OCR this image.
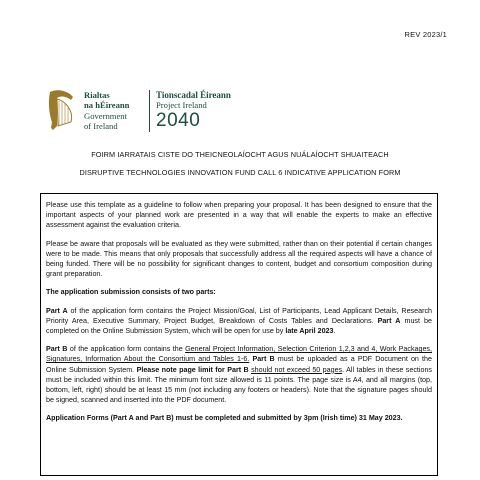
REV 2023/1
Rialtas
na hÉireann
Government
of Ireland
Tionscadal Éireann
Project Ireland
2040
FOIRM IARRATAIS CISTE DO THEICNEOLAÍOCHT AGUS NUÁLAÍOCHT SHUAITEACH
DISRUPTIVE TECHNOLOGIES INNOVATION FUND CALL 6 INDICATIVE APPLICATION FORM

Please use this template as a guideline to follow when preparing your proposal. It has been designed to ensure that the important aspects of your planned work are presented in a way that will enable the experts to make an effective assessment against the evaluation criteria.

Please be aware that proposals will be evaluated as they were submitted, rather than on their potential if certain changes were to be made. This means that only proposals that successfully address all the required aspects will have a chance of being funded. There will be no possibility for significant changes to content, budget and consortium composition during grant preparation.

The application submission consists of two parts:

Part A of the application form contains the Project Mission/Goal, List of Participants, Lead Applicant Details, Research Priority Area, Executive Summary, Project Budget, Breakdown of Costs Tables and Declarations. Part A must be completed on the Online Submission System, which will be open for use by late April 2023.

Part B of the application form contains the General Project Information, Selection Criterion 1,2,3 and 4, Work Packages, Signatures, Information About the Consortium and Tables 1-6. Part B must be uploaded as a PDF Document on the Online Submission System. Please note page limit for Part B should not exceed 50 pages. All tables in these sections must be included within this limit. The minimum font size allowed is 11 points. The page size is A4, and all margins (top, bottom, left, right) should be at least 15 mm (not including any footers or headers). Note that the signature pages should be signed, scanned and inserted into the PDF document.

Application Forms (Part A and Part B) must be completed and submitted by 3pm (Irish time) 31 May 2023.
